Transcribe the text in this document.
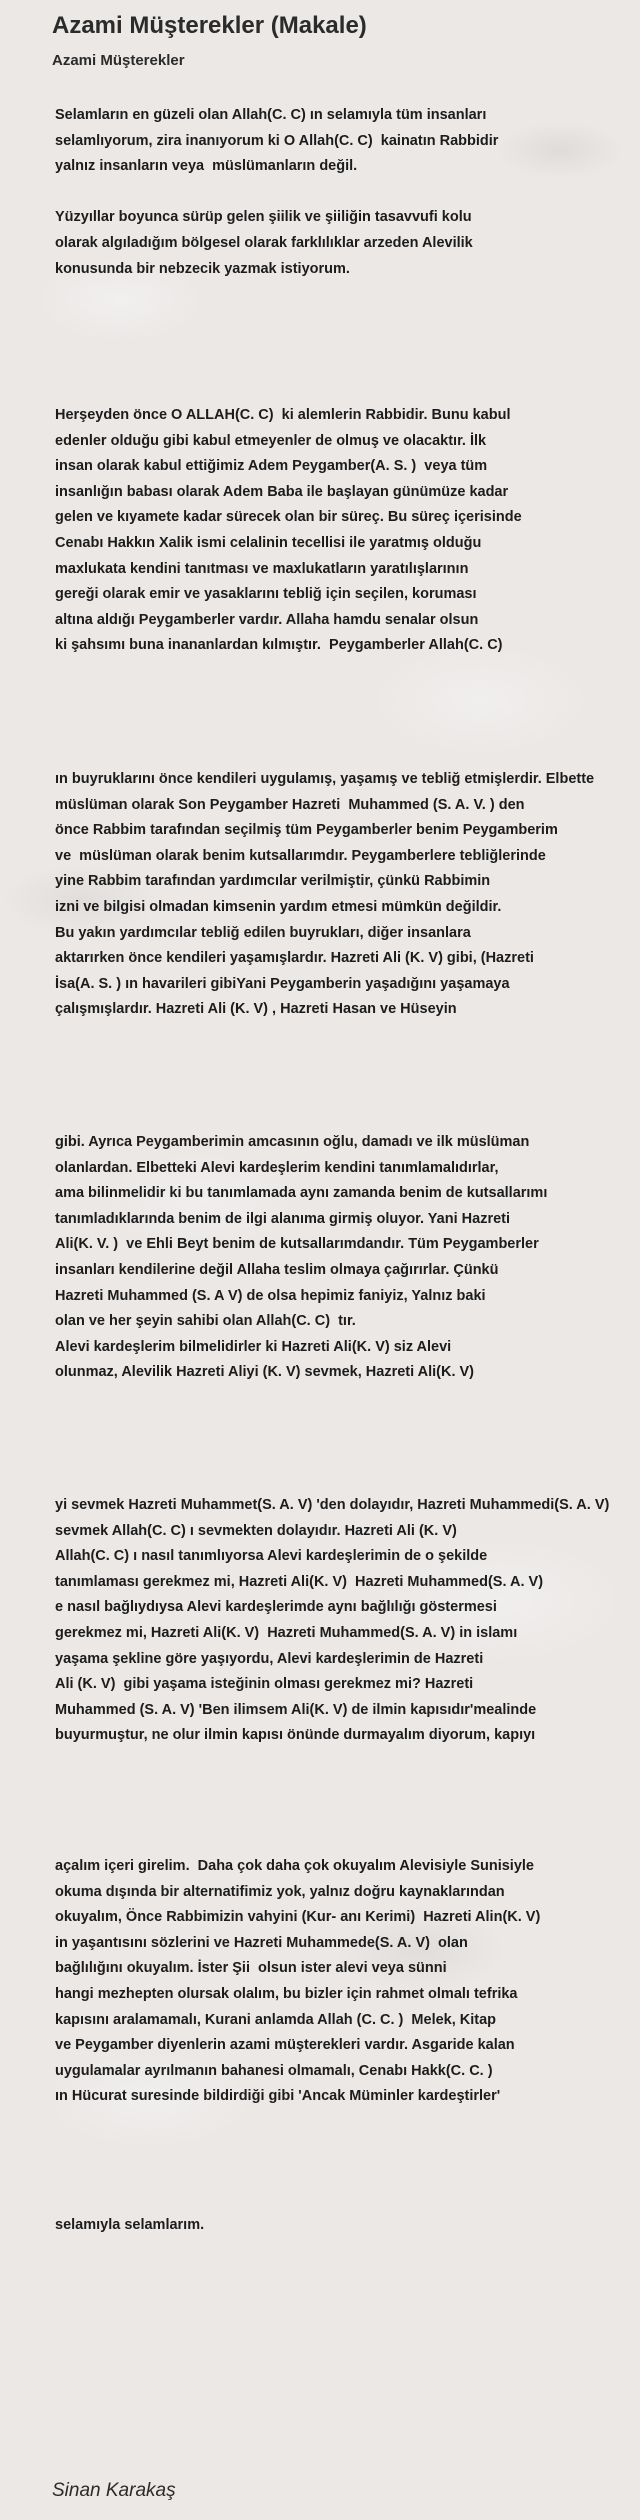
Azami Müşterekler (Makale)
Azami Müşterekler

Selamların en güzeli olan Allah(C. C) ın selamıyla tüm insanları
selamlıyorum, zira inanıyorum ki O Allah(C. C)  kainatın Rabbidir
yalnız insanların veya  müslümanların değil.

Yüzyıllar boyunca sürüp gelen şiilik ve şiiliğin tasavvufi kolu
olarak algıladığım bölgesel olarak farklılıklar arzeden Alevilik
konusunda bir nebzecik yazmak istiyorum.

Herşeyden önce O ALLAH(C. C)  ki alemlerin Rabbidir. Bunu kabul
edenler olduğu gibi kabul etmeyenler de olmuş ve olacaktır. İlk
insan olarak kabul ettiğimiz Adem Peygamber(A. S. )  veya tüm
insanlığın babası olarak Adem Baba ile başlayan günümüze kadar
gelen ve kıyamete kadar sürecek olan bir süreç. Bu süreç içerisinde
Cenabı Hakkın Xalik ismi celalinin tecellisi ile yaratmış olduğu
maxlukata kendini tanıtması ve maxlukatların yaratılışlarının
gereği olarak emir ve yasaklarını tebliğ için seçilen, koruması
altına aldığı Peygamberler vardır. Allaha hamdu senalar olsun
ki şahsımı buna inananlardan kılmıştır.  Peygamberler Allah(C. C)

ın buyruklarını önce kendileri uygulamış, yaşamış ve tebliğ etmişlerdir. Elbette
müslüman olarak Son Peygamber Hazreti  Muhammed (S. A. V. ) den
önce Rabbim tarafından seçilmiş tüm Peygamberler benim Peygamberim
ve  müslüman olarak benim kutsallarımdır. Peygamberlere tebliğlerinde
yine Rabbim tarafından yardımcılar verilmiştir, çünkü Rabbimin
izni ve bilgisi olmadan kimsenin yardım etmesi mümkün değildir.
Bu yakın yardımcılar tebliğ edilen buyrukları, diğer insanlara
aktarırken önce kendileri yaşamışlardır. Hazreti Ali (K. V) gibi, (Hazreti
İsa(A. S. ) ın havarileri gibiYani Peygamberin yaşadığını yaşamaya
çalışmışlardır. Hazreti Ali (K. V) , Hazreti Hasan ve Hüseyin

gibi. Ayrıca Peygamberimin amcasının oğlu, damadı ve ilk müslüman
olanlardan. Elbetteki Alevi kardeşlerim kendini tanımlamalıdırlar,
ama bilinmelidir ki bu tanımlamada aynı zamanda benim de kutsallarımı
tanımladıklarında benim de ilgi alanıma girmiş oluyor. Yani Hazreti
Ali(K. V. )  ve Ehli Beyt benim de kutsallarımdandır. Tüm Peygamberler
insanları kendilerine değil Allaha teslim olmaya çağırırlar. Çünkü
Hazreti Muhammed (S. A V) de olsa hepimiz faniyiz, Yalnız baki
olan ve her şeyin sahibi olan Allah(C. C)  tır.
Alevi kardeşlerim bilmelidirler ki Hazreti Ali(K. V) siz Alevi
olunmaz, Alevilik Hazreti Aliyi (K. V) sevmek, Hazreti Ali(K. V)

yi sevmek Hazreti Muhammet(S. A. V) 'den dolayıdır, Hazreti Muhammedi(S. A. V)
sevmek Allah(C. C) ı sevmekten dolayıdır. Hazreti Ali (K. V)
Allah(C. C) ı nasıl tanımlıyorsa Alevi kardeşlerimin de o şekilde
tanımlaması gerekmez mi, Hazreti Ali(K. V)  Hazreti Muhammed(S. A. V)
e nasıl bağlıydıysa Alevi kardeşlerimde aynı bağlılığı göstermesi
gerekmez mi, Hazreti Ali(K. V)  Hazreti Muhammed(S. A. V) in islamı
yaşama şekline göre yaşıyordu, Alevi kardeşlerimin de Hazreti
Ali (K. V)  gibi yaşama isteğinin olması gerekmez mi? Hazreti
Muhammed (S. A. V) 'Ben ilimsem Ali(K. V) de ilmin kapısıdır'mealinde
buyurmuştur, ne olur ilmin kapısı önünde durmayalım diyorum, kapıyı

açalım içeri girelim.  Daha çok daha çok okuyalım Alevisiyle Sunisiyle
okuma dışında bir alternatifimiz yok, yalnız doğru kaynaklarından
okuyalım, Önce Rabbimizin vahyini (Kur- anı Kerimi)  Hazreti Alin(K. V)
in yaşantısını sözlerini ve Hazreti Muhammede(S. A. V)  olan
bağlılığını okuyalım. İster Şii  olsun ister alevi veya sünni
hangi mezhepten olursak olalım, bu bizler için rahmet olmalı tefrika
kapısını aralamamalı, Kurani anlamda Allah (C. C. )  Melek, Kitap
ve Peygamber diyenlerin azami müşterekleri vardır. Asgaride kalan
uygulamalar ayrılmanın bahanesi olmamalı, Cenabı Hakk(C. C. )
ın Hücurat suresinde bildirdiği gibi 'Ancak Müminler kardeştirler'

selamıyla selamlarım.

Sinan Karakaş
